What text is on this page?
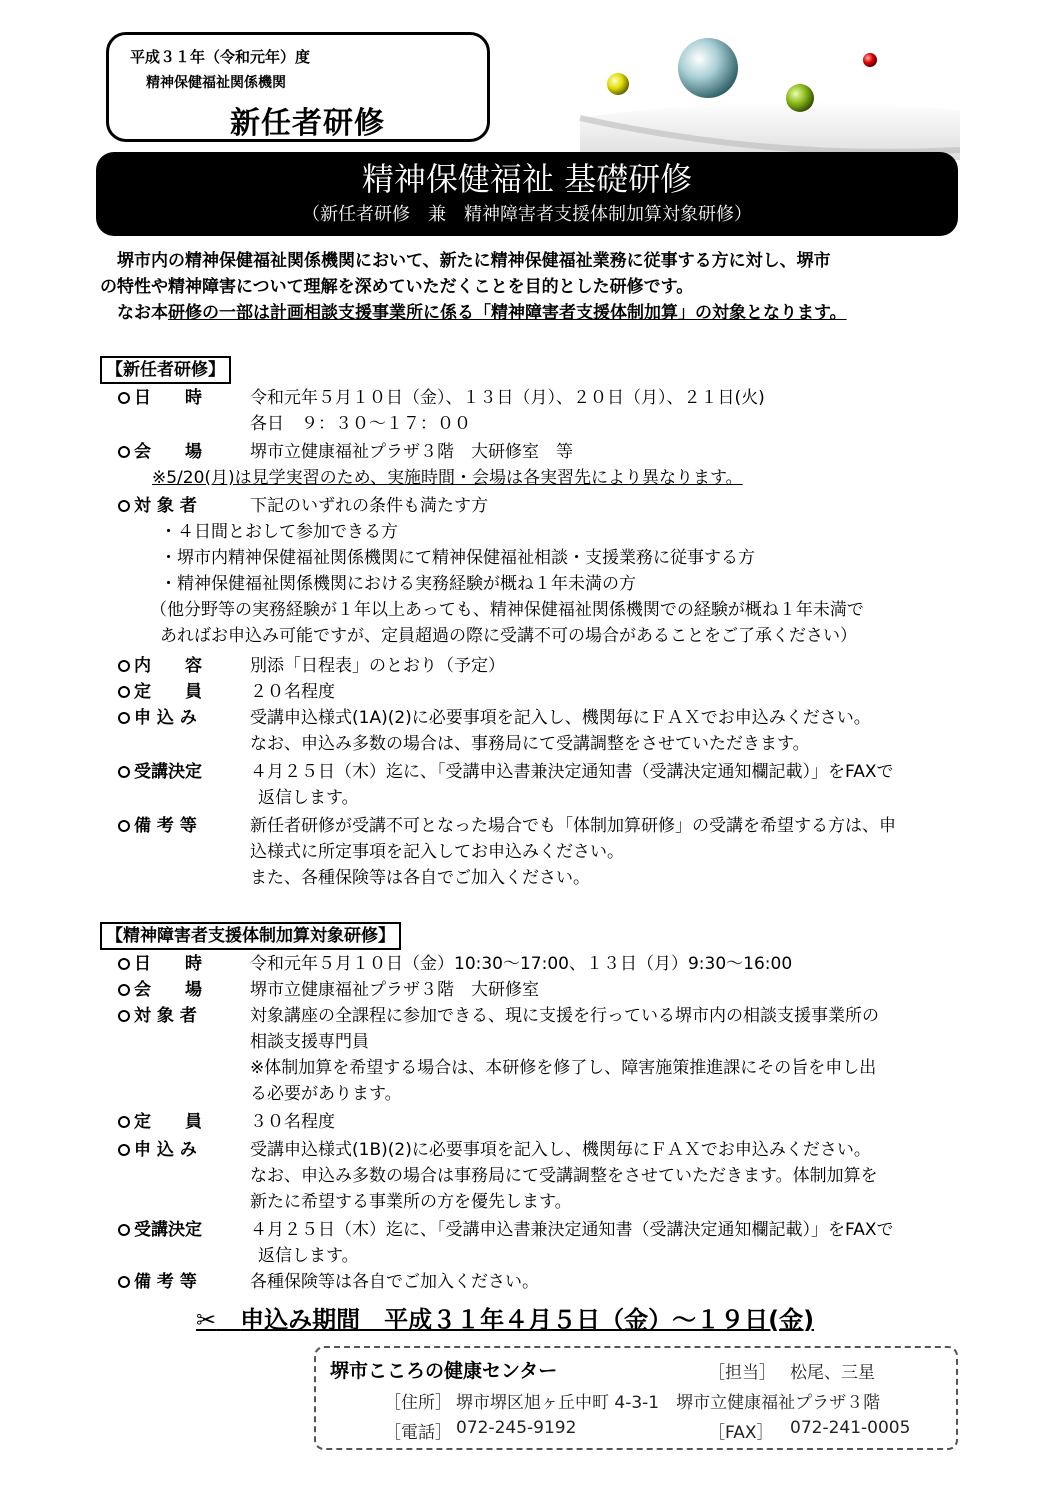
平成３１年（令和元年）度
精神保健福祉関係機関
新任者研修
精神保健福祉 基礎研修
（新任者研修　兼　精神障害者支援体制加算対象研修）
　堺市内の精神保健福祉関係機関において、新たに精神保健福祉業務に従事する方に対し、堺市
の特性や精神障害について理解を深めていただくことを目的とした研修です。
　なお本研修の一部は計画相談支援事業所に係る「精神障害者支援体制加算」の対象となります。
【新任者研修】
日　　時	令和元年５月１０日（金）、１３日（月）、２０日（月）、２１日(火)
各日　９：３０～１７：００
会　　場	堺市立健康福祉プラザ３階　大研修室　等
※5/20(月)は見学実習のため、実施時間・会場は各実習先により異なります。
対 象 者	下記のいずれの条件も満たす方
・４日間とおして参加できる方
・堺市内精神保健福祉関係機関にて精神保健福祉相談・支援業務に従事する方
・精神保健福祉関係機関における実務経験が概ね１年未満の方
（他分野等の実務経験が１年以上あっても、精神保健福祉関係機関での経験が概ね１年未満で
あればお申込み可能ですが、定員超過の際に受講不可の場合があることをご了承ください）
内　　容	別添「日程表」のとおり（予定）
定　　員	２０名程度
申 込 み	受講申込様式(1A)(2)に必要事項を記入し、機関毎にＦＡＸでお申込みください。
なお、申込み多数の場合は、事務局にて受講調整をさせていただきます。
受講決定	４月２５日（木）迄に、「受講申込書兼決定通知書（受講決定通知欄記載）」をFAXで
返信します。
備 考 等	新任者研修が受講不可となった場合でも「体制加算研修」の受講を希望する方は、申
込様式に所定事項を記入してお申込みください。
また、各種保険等は各自でご加入ください。
【精神障害者支援体制加算対象研修】
日　　時	令和元年５月１０日（金）10:30～17:00、１３日（月）9:30～16:00
会　　場	堺市立健康福祉プラザ３階　大研修室
対 象 者	対象講座の全課程に参加できる、現に支援を行っている堺市内の相談支援事業所の
相談支援専門員
※体制加算を希望する場合は、本研修を修了し、障害施策推進課にその旨を申し出
る必要があります。
定　　員	３０名程度
申 込 み	受講申込様式(1B)(2)に必要事項を記入し、機関毎にＦＡＸでお申込みください。
なお、申込み多数の場合は事務局にて受講調整をさせていただきます。体制加算を
新たに希望する事業所の方を優先します。
受講決定	４月２５日（木）迄に、「受講申込書兼決定通知書（受講決定通知欄記載）」をFAXで
返信します。
備 考 等	各種保険等は各自でご加入ください。
✂　 申込み期間　平成３１年４月５日（金）～１９日(金)
堺市こころの健康センター	［担当］ 松尾、三星
［住所］ 堺市堺区旭ヶ丘中町 4-3-1　堺市立健康福祉プラザ３階
［電話］ 072-245-9192	［FAX］ 072-241-0005
